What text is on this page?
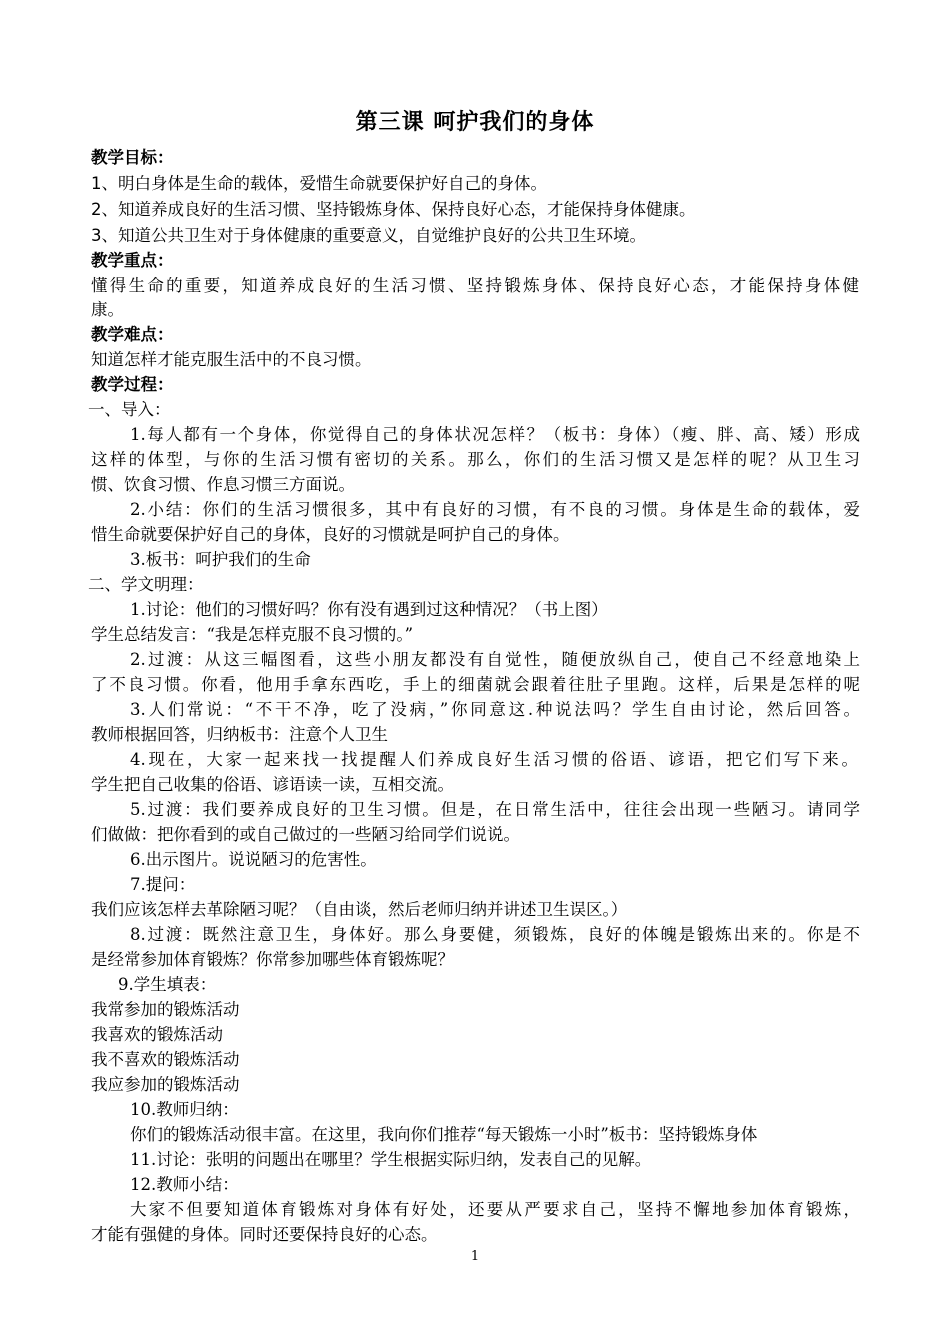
第三课 呵护我们的身体
教学目标：
1、明白身体是生命的载体，爱惜生命就要保护好自己的身体。
2、知道养成良好的生活习惯、坚持锻炼身体、保持良好心态，才能保持身体健康。
3、知道公共卫生对于身体健康的重要意义，自觉维护良好的公共卫生环境。
教学重点：
懂得生命的重要，知道养成良好的生活习惯、坚持锻炼身体、保持良好心态，才能保持身体健
康。
教学难点：
知道怎样才能克服生活中的不良习惯。
教学过程：
一、导入：
1.每人都有一个身体，你觉得自己的身体状况怎样？（板书：身体）（瘦、胖、高、矮）形成
这样的体型，与你的生活习惯有密切的关系。那么，你们的生活习惯又是怎样的呢？从卫生习
惯、饮食习惯、作息习惯三方面说。
2.小结：你们的生活习惯很多，其中有良好的习惯，有不良的习惯。身体是生命的载体，爱
惜生命就要保护好自己的身体，良好的习惯就是呵护自己的身体。
3.板书：呵护我们的生命
二、学文明理：
1.讨论：他们的习惯好吗？你有没有遇到过这种情况？（书上图）
学生总结发言：“我是怎样克服不良习惯的。”
2.过渡：从这三幅图看，这些小朋友都没有自觉性，随便放纵自己，使自己不经意地染上
了不良习惯。你看，他用手拿东西吃，手上的细菌就会跟着往肚子里跑。这样，后果是怎样的呢
3.人们常说：“不干不净，吃了没病，”你同意这.种说法吗？学生自由讨论，然后回答。
教师根据回答，归纳板书：注意个人卫生
4.现在，大家一起来找一找提醒人们养成良好生活习惯的俗语、谚语，把它们写下来。
学生把自己收集的俗语、谚语读一读，互相交流。
5.过渡：我们要养成良好的卫生习惯。但是，在日常生活中，往往会出现一些陋习。请同学
们做做：把你看到的或自己做过的一些陋习给同学们说说。
6.出示图片。说说陋习的危害性。
7.提问：
我们应该怎样去革除陋习呢？（自由谈，然后老师归纳并讲述卫生误区。）
8.过渡：既然注意卫生，身体好。那么身要健，须锻炼，良好的体魄是锻炼出来的。你是不
是经常参加体育锻炼？你常参加哪些体育锻炼呢？
9.学生填表：
我常参加的锻炼活动
我喜欢的锻炼活动
我不喜欢的锻炼活动
我应参加的锻炼活动
10.教师归纳：
你们的锻炼活动很丰富。在这里，我向你们推荐“每天锻炼一小时”板书：坚持锻炼身体
11.讨论：张明的问题出在哪里？学生根据实际归纳，发表自己的见解。
12.教师小结：
大家不但要知道体育锻炼对身体有好处，还要从严要求自己，坚持不懈地参加体育锻炼，
才能有强健的身体。同时还要保持良好的心态。
1
